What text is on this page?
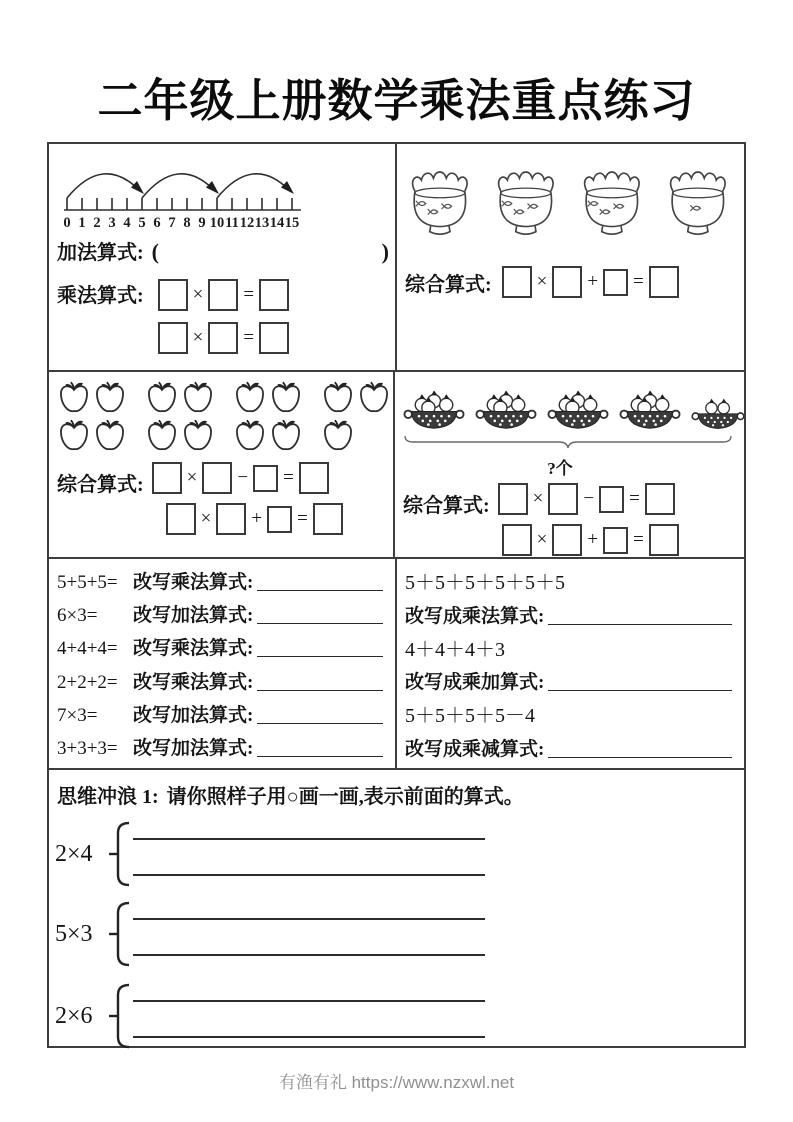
二年级上册数学乘法重点练习
0 1 2 3 4 5 6 7 8 9 10 11 12 13 14 15
加法算式: (	)
乘法算式:	× =
× =
综合算式: × + =
综合算式: × − =
× + =
?个
综合算式: × − =
× + =
5+5+5= 改写乘法算式:
6×3=	改写加法算式:
4+4+4= 改写乘法算式:
2+2+2= 改写乘法算式:
7×3=	改写加法算式:
3+3+3= 改写加法算式:
5＋5＋5＋5＋5＋5
改写成乘法算式:
4＋4＋4＋3
改写成乘加算式:
5＋5＋5＋5－4
改写成乘减算式:
思维冲浪 1: 请你照样子用○画一画,表示前面的算式。
2×4
5×3
2×6
有渔有礼 https://www.nzxwl.net
